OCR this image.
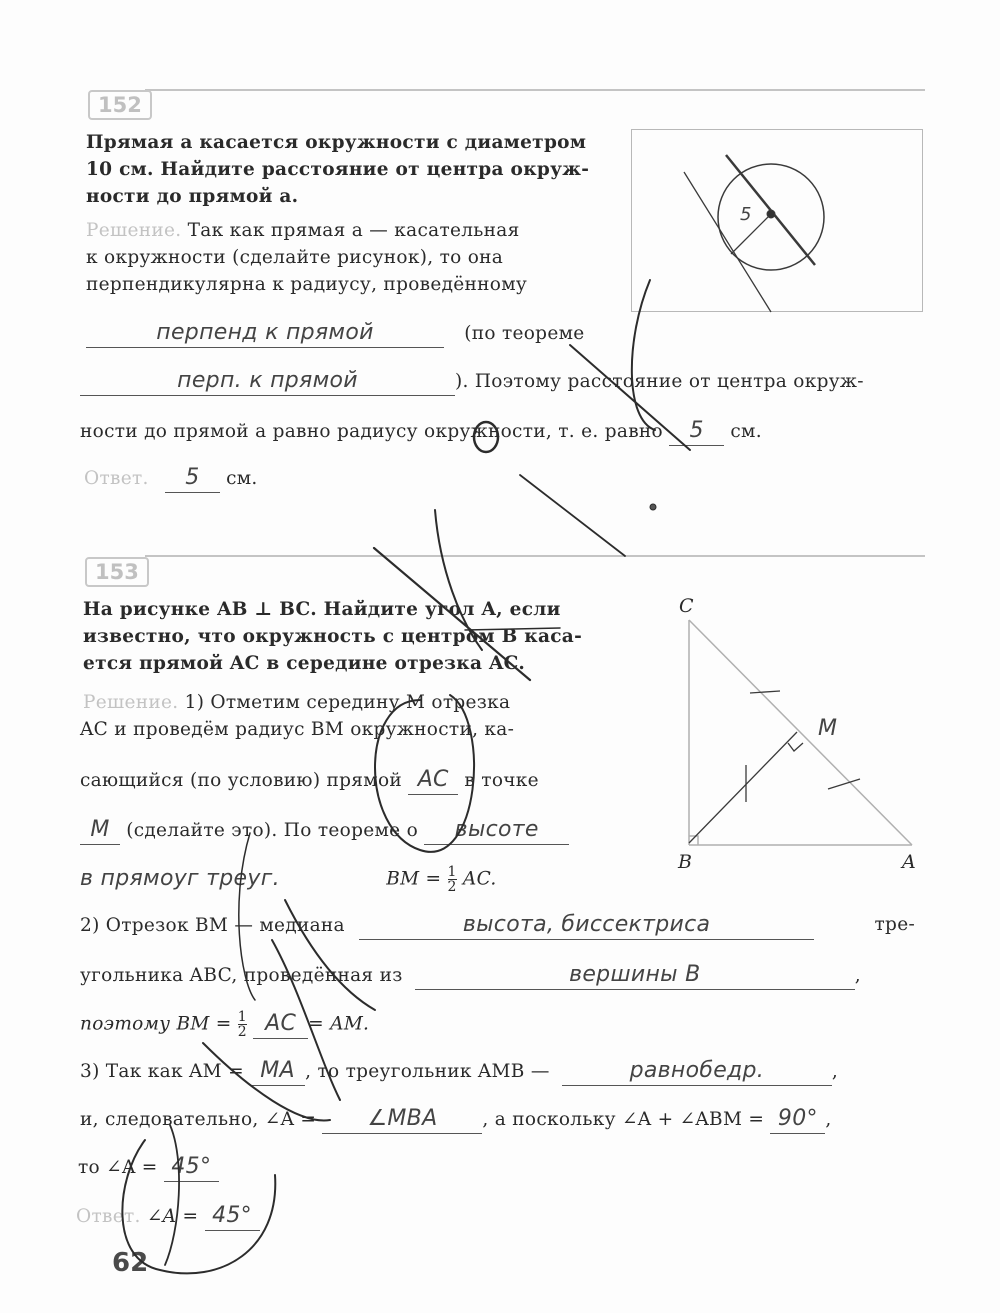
152
Прямая a касается окружности с диаметром
10 см. Найдите расстояние от центра окруж-
ности до прямой a.
Решение. Так как прямая a — касательная
к окружности (сделайте рисунок), то она
перпендикулярна к радиусу, проведённому
перпенд к прямой	(по теореме
перп. к прямой	). Поэтому расстояние от центра окруж-
ности до прямой a равно радиусу окружности, т. е. равно 5 см.
Ответ. 5 см.
5
153
На рисунке AB ⊥ BC. Найдите угол A, если
известно, что окружность с центром B каса-
ется прямой AC в середине отрезка AC.
Решение. 1) Отметим середину M отрезка
AC и проведём радиус BM окружности, ка-
сающийся (по условию) прямой AC в точке
M (сделайте это). По теореме о высоте
в прямоуг треуг.	BM = $\frac{1}{2}$ AC.
2) Отрезок BM — медиана	высота, биссектриса	тре-
угольника ABC, проведённая из	вершины B	,
поэтому BM = $\frac{1}{2}$ AC = AM.
3) Так как AM = MA , то треугольник AMB —	равнобедр.	,
и, следовательно, ∠A = ∠MBA , а поскольку ∠A + ∠ABM = 90° ,
то ∠A = 45°
Ответ. ∠A = 45°
62
C
B	A
M
